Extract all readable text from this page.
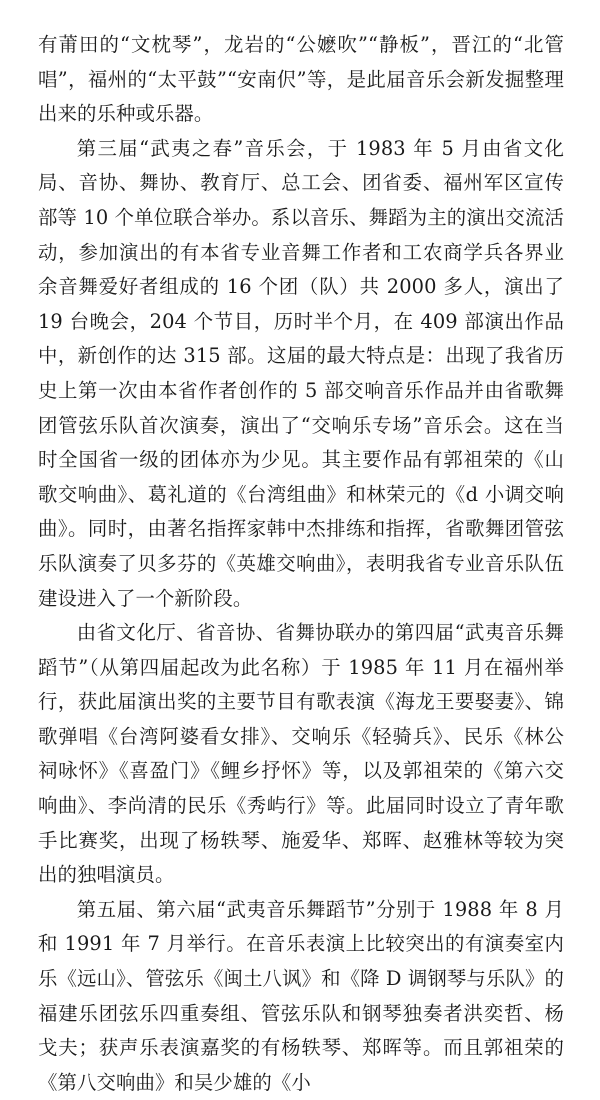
有莆田的“文枕琴”，龙岩的“公嬷吹”“静板”，晋江的“北管唱”，福州的“太平鼓”“安南伬”等，是此届音乐会新发掘整理出来的乐种或乐器。

第三届“武夷之春”音乐会，于 1983 年 5 月由省文化局、音协、舞协、教育厅、总工会、团省委、福州军区宣传部等 10 个单位联合举办。系以音乐、舞蹈为主的演出交流活动，参加演出的有本省专业音舞工作者和工农商学兵各界业余音舞爱好者组成的 16 个团（队）共 2000 多人，演出了 19 台晚会，204 个节目，历时半个月，在 409 部演出作品中，新创作的达 315 部。这届的最大特点是：出现了我省历史上第一次由本省作者创作的 5 部交响音乐作品并由省歌舞团管弦乐队首次演奏，演出了“交响乐专场”音乐会。这在当时全国省一级的团体亦为少见。其主要作品有郭祖荣的《山歌交响曲》、葛礼道的《台湾组曲》和林荣元的《d 小调交响曲》。同时，由著名指挥家韩中杰排练和指挥，省歌舞团管弦乐队演奏了贝多芬的《英雄交响曲》，表明我省专业音乐队伍建设进入了一个新阶段。

由省文化厅、省音协、省舞协联办的第四届“武夷音乐舞蹈节”（从第四届起改为此名称）于 1985 年 11 月在福州举行，获此届演出奖的主要节目有歌表演《海龙王要娶妻》、锦歌弹唱《台湾阿婆看女排》、交响乐《轻骑兵》、民乐《林公祠咏怀》《喜盈门》《鲤乡抒怀》等，以及郭祖荣的《第六交响曲》、李尚清的民乐《秀屿行》等。此届同时设立了青年歌手比赛奖，出现了杨轶琴、施爱华、郑晖、赵雅林等较为突出的独唱演员。

第五届、第六届“武夷音乐舞蹈节”分别于 1988 年 8 月和 1991 年 7 月举行。在音乐表演上比较突出的有演奏室内乐《远山》、管弦乐《闽土八讽》和《降 D 调钢琴与乐队》的福建乐团弦乐四重奏组、管弦乐队和钢琴独奏者洪奕哲、杨戈夫；获声乐表演嘉奖的有杨轶琴、郑晖等。而且郭祖荣的《第八交响曲》和吴少雄的《小
